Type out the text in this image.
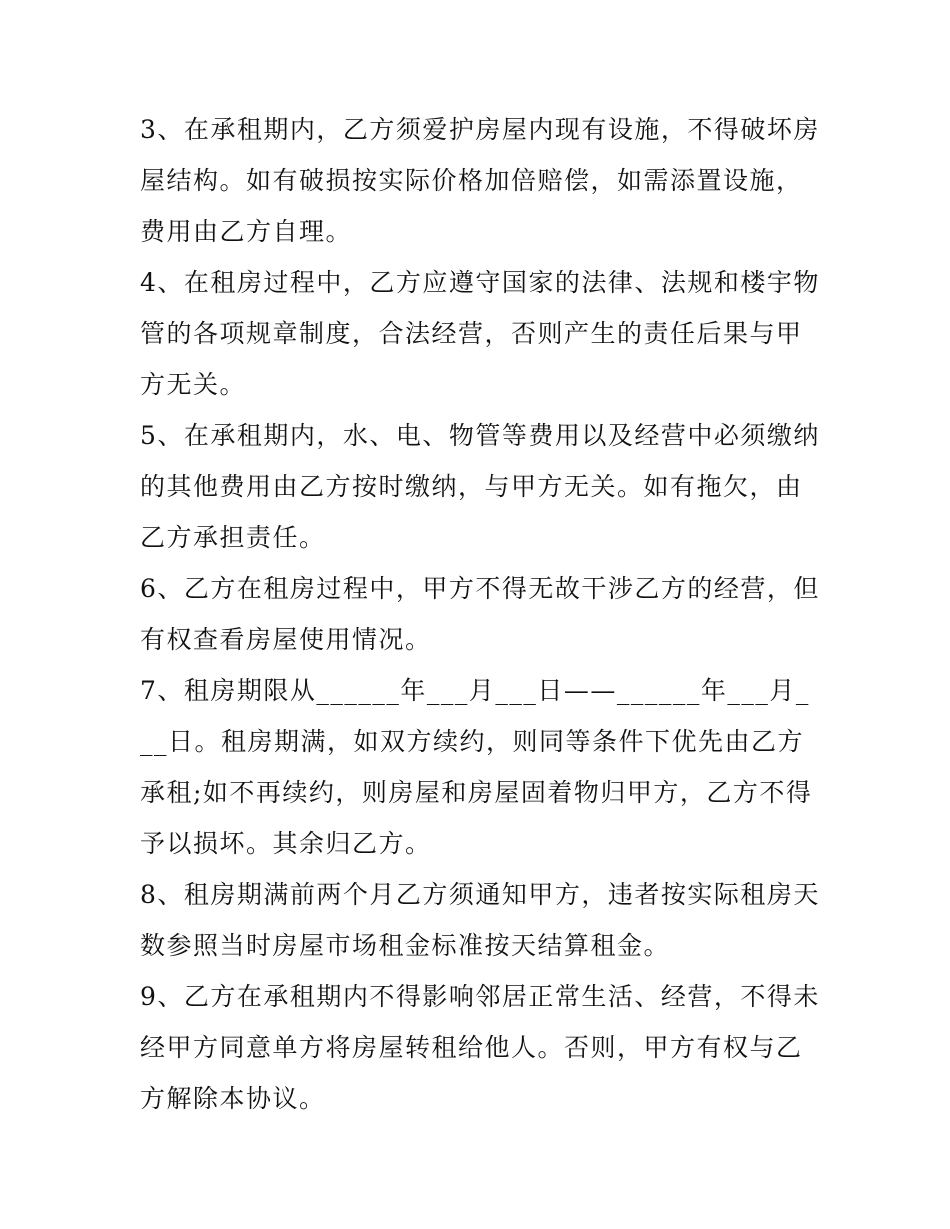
3、在承租期内，乙方须爱护房屋内现有设施，不得破坏房屋结构。如有破损按实际价格加倍赔偿，如需添置设施，费用由乙方自理。

4、在租房过程中，乙方应遵守国家的法律、法规和楼宇物管的各项规章制度，合法经营，否则产生的责任后果与甲方无关。

5、在承租期内，水、电、物管等费用以及经营中必须缴纳的其他费用由乙方按时缴纳，与甲方无关。如有拖欠，由乙方承担责任。

6、乙方在租房过程中，甲方不得无故干涉乙方的经营，但有权查看房屋使用情况。

7、租房期限从______年___月___日——______年___月___日。租房期满，如双方续约，则同等条件下优先由乙方承租;如不再续约，则房屋和房屋固着物归甲方，乙方不得予以损坏。其余归乙方。

8、租房期满前两个月乙方须通知甲方，违者按实际租房天数参照当时房屋市场租金标准按天结算租金。

9、乙方在承租期内不得影响邻居正常生活、经营，不得未经甲方同意单方将房屋转租给他人。否则，甲方有权与乙方解除本协议。
